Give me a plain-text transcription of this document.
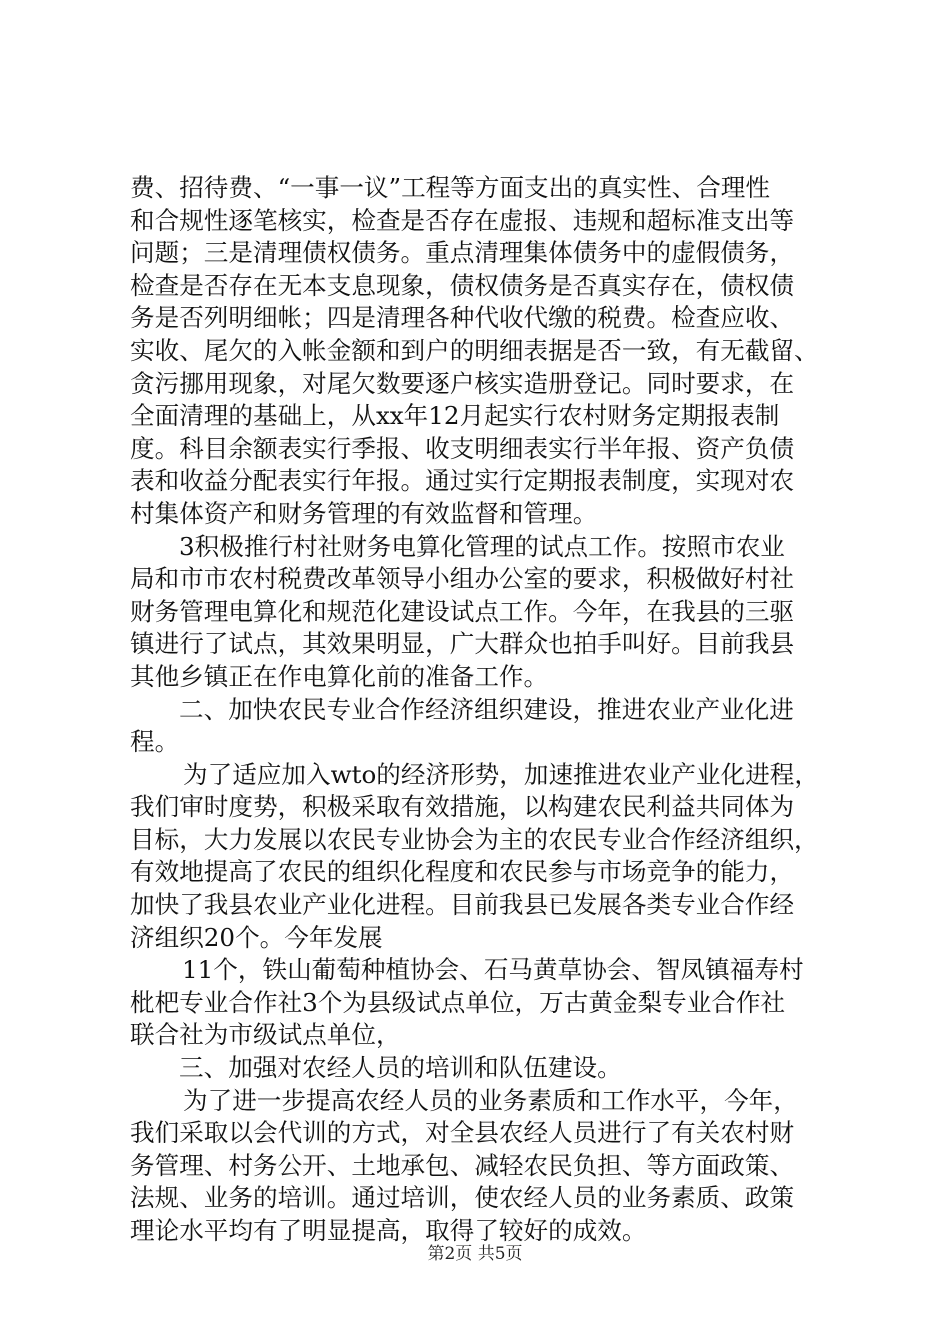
费、招待费、“一事一议”工程等方面支出的真实性、合理性
和合规性逐笔核实，检查是否存在虚报、违规和超标准支出等
问题；三是清理债权债务。重点清理集体债务中的虚假债务，
检查是否存在无本支息现象，债权债务是否真实存在，债权债
务是否列明细帐；四是清理各种代收代缴的税费。检查应收、
实收、尾欠的入帐金额和到户的明细表据是否一致，有无截留、
贪污挪用现象，对尾欠数要逐户核实造册登记。同时要求，在
全面清理的基础上，从xx年12月起实行农村财务定期报表制
度。科目余额表实行季报、收支明细表实行半年报、资产负债
表和收益分配表实行年报。通过实行定期报表制度，实现对农
村集体资产和财务管理的有效监督和管理。
3积极推行村社财务电算化管理的试点工作。按照市农业
局和市市农村税费改革领导小组办公室的要求，积极做好村社
财务管理电算化和规范化建设试点工作。今年，在我县的三驱
镇进行了试点，其效果明显，广大群众也拍手叫好。目前我县
其他乡镇正在作电算化前的准备工作。
二、加快农民专业合作经济组织建设，推进农业产业化进
程。
为了适应加入wto的经济形势，加速推进农业产业化进程，
我们审时度势，积极采取有效措施，以构建农民利益共同体为
目标，大力发展以农民专业协会为主的农民专业合作经济组织，
有效地提高了农民的组织化程度和农民参与市场竞争的能力，
加快了我县农业产业化进程。目前我县已发展各类专业合作经
济组织20个。今年发展
11个，铁山葡萄种植协会、石马黄草协会、智凤镇福寿村
枇杷专业合作社3个为县级试点单位，万古黄金梨专业合作社
联合社为市级试点单位，
三、加强对农经人员的培训和队伍建设。
为了进一步提高农经人员的业务素质和工作水平，今年，
我们采取以会代训的方式，对全县农经人员进行了有关农村财
务管理、村务公开、土地承包、减轻农民负担、等方面政策、
法规、业务的培训。通过培训，使农经人员的业务素质、政策
理论水平均有了明显提高，取得了较好的成效。
第2页 共5页
